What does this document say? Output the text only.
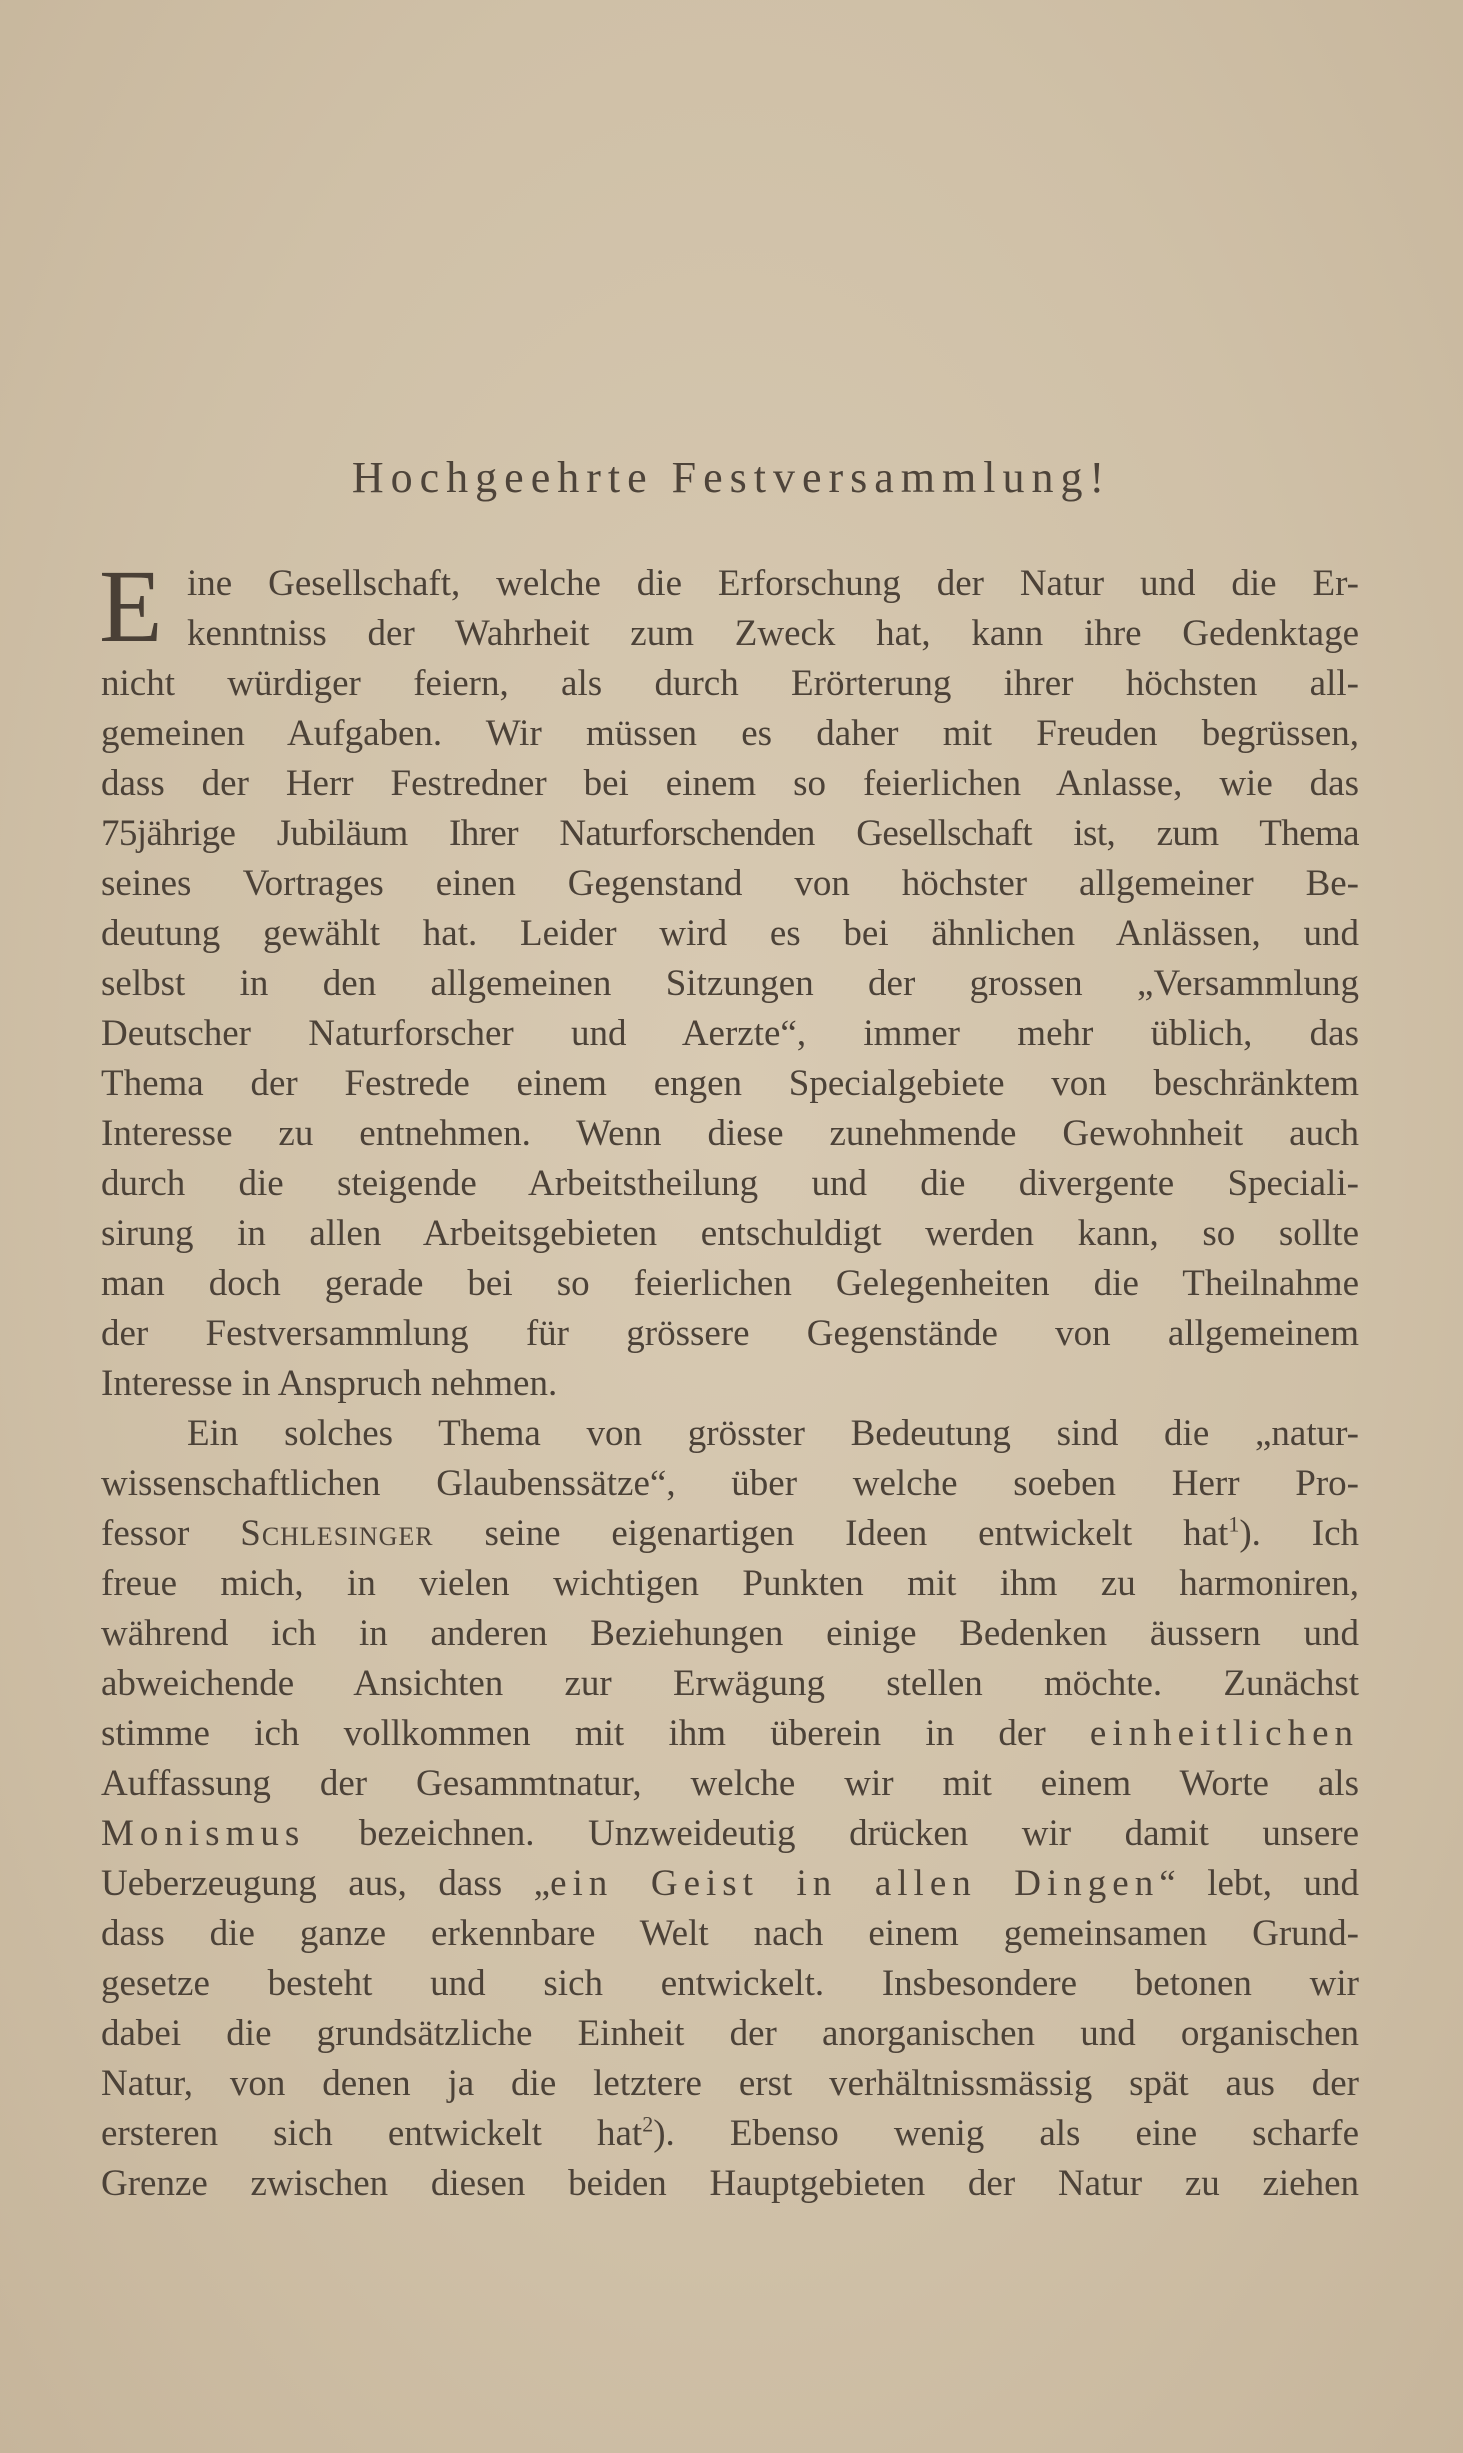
Hochgeehrte Festversammlung!
E ine Gesellschaft, welche die Erforschung der Natur und die Er-
kenntniss der Wahrheit zum Zweck hat, kann ihre Gedenktage
nicht würdiger feiern, als durch Erörterung ihrer höchsten all-
gemeinen Aufgaben. Wir müssen es daher mit Freuden begrüssen,
dass der Herr Festredner bei einem so feierlichen Anlasse, wie das
75jährige Jubiläum Ihrer Naturforschenden Gesellschaft ist, zum Thema
seines Vortrages einen Gegenstand von höchster allgemeiner Be-
deutung gewählt hat. Leider wird es bei ähnlichen Anlässen, und
selbst in den allgemeinen Sitzungen der grossen „Versammlung
Deutscher Naturforscher und Aerzte“, immer mehr üblich, das
Thema der Festrede einem engen Specialgebiete von beschränktem
Interesse zu entnehmen. Wenn diese zunehmende Gewohnheit auch
durch die steigende Arbeitstheilung und die divergente Speciali-
sirung in allen Arbeitsgebieten entschuldigt werden kann, so sollte
man doch gerade bei so feierlichen Gelegenheiten die Theilnahme
der Festversammlung für grössere Gegenstände von allgemeinem
Interesse in Anspruch nehmen.
Ein solches Thema von grösster Bedeutung sind die „natur-
wissenschaftlichen Glaubenssätze“, über welche soeben Herr Pro-
fessor Schlesinger seine eigenartigen Ideen entwickelt hat$^1$). Ich
freue mich, in vielen wichtigen Punkten mit ihm zu harmoniren,
während ich in anderen Beziehungen einige Bedenken äussern und
abweichende Ansichten zur Erwägung stellen möchte. Zunächst
stimme ich vollkommen mit ihm überein in der einheitlichen
Auffassung der Gesammtnatur, welche wir mit einem Worte als
Monismus bezeichnen. Unzweideutig drücken wir damit unsere
Ueberzeugung aus, dass „ein Geist in allen Dingen“ lebt, und
dass die ganze erkennbare Welt nach einem gemeinsamen Grund-
gesetze besteht und sich entwickelt. Insbesondere betonen wir
dabei die grundsätzliche Einheit der anorganischen und organischen
Natur, von denen ja die letztere erst verhältnissmässig spät aus der
ersteren sich entwickelt hat$^2$). Ebenso wenig als eine scharfe
Grenze zwischen diesen beiden Hauptgebieten der Natur zu ziehen
